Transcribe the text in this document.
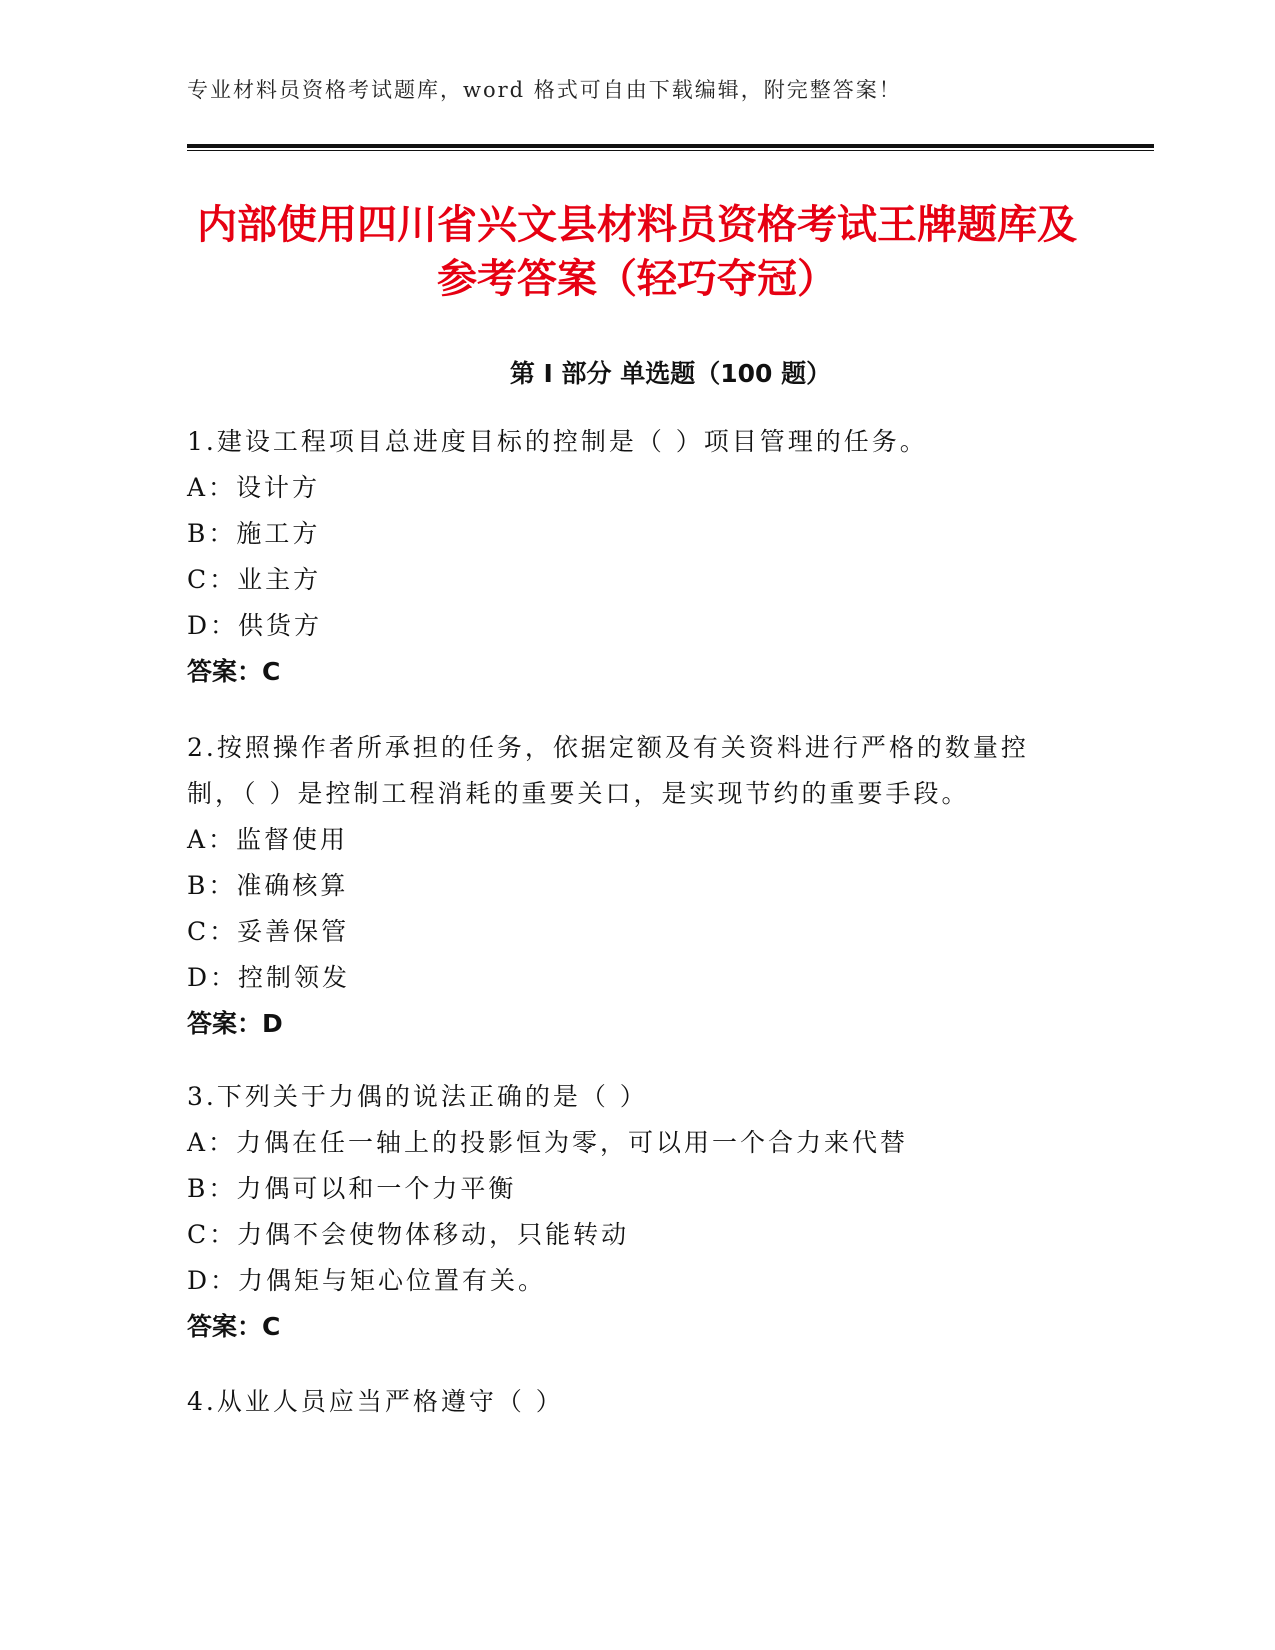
专业材料员资格考试题库，word 格式可自由下载编辑，附完整答案！
内部使用四川省兴文县材料员资格考试王牌题库及参考答案（轻巧夺冠）
第 I 部分 单选题（100 题）
1.建设工程项目总进度目标的控制是（ ）项目管理的任务。
A：设计方
B：施工方
C：业主方
D：供货方
答案：C
2.按照操作者所承担的任务，依据定额及有关资料进行严格的数量控制，（ ）是控制工程消耗的重要关口，是实现节约的重要手段。
A：监督使用
B：准确核算
C：妥善保管
D：控制领发
答案：D
3.下列关于力偶的说法正确的是（ ）
A：力偶在任一轴上的投影恒为零，可以用一个合力来代替
B：力偶可以和一个力平衡
C：力偶不会使物体移动，只能转动
D：力偶矩与矩心位置有关。
答案：C
4.从业人员应当严格遵守（ ）
